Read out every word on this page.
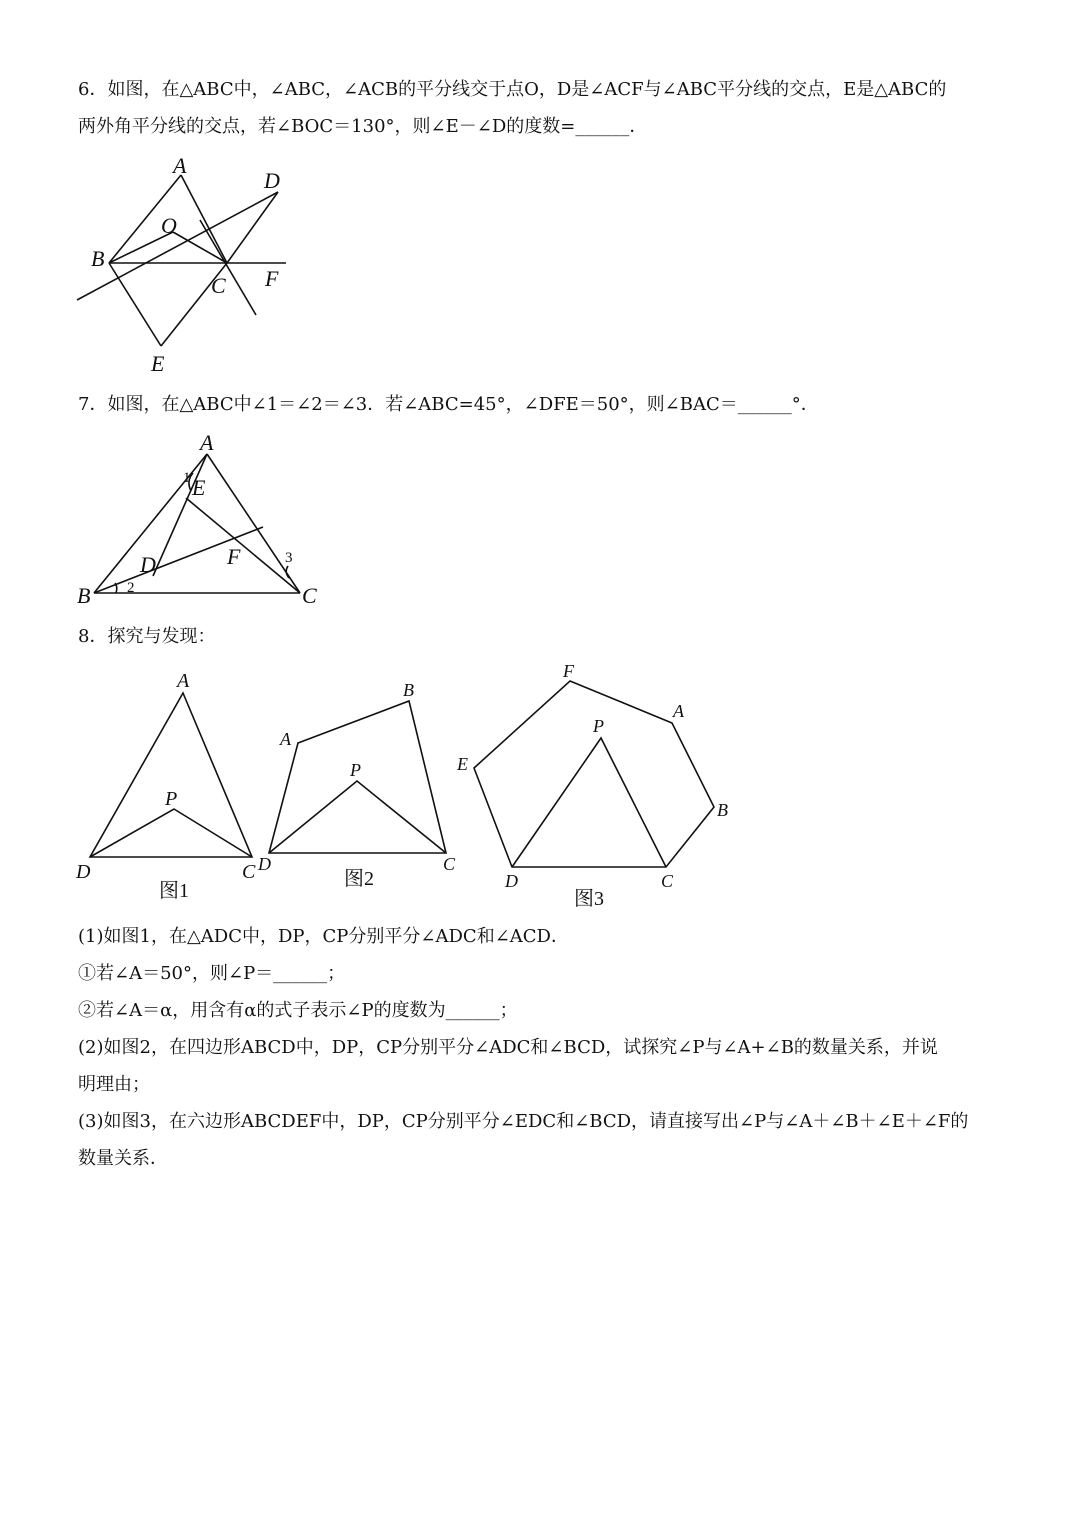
6．如图，在△ABC中，∠ABC，∠ACB的平分线交于点O，D是∠ACF与∠ABC平分线的交点，E是△ABC的
两外角平分线的交点，若∠BOC＝130°，则∠E－∠D的度数=______．
A
D
O
B
C F
E
7．如图，在△ABC中∠1＝∠2＝∠3．若∠ABC=45°，∠DFE＝50°，则∠BAC＝______°．
A
E
D	F
B	C
1
2
3
8．探究与发现：
A
P
D	C
图1
A
B
P
D	C
图2
F
A
E
P
B
D	C
图3
(1)如图1，在△ADC中，DP，CP分别平分∠ADC和∠ACD．
①若∠A＝50°，则∠P＝______；
②若∠A＝α，用含有α的式子表示∠P的度数为______；
(2)如图2，在四边形ABCD中，DP，CP分别平分∠ADC和∠BCD，试探究∠P与∠A+∠B的数量关系，并说
明理由；
(3)如图3，在六边形ABCDEF中，DP，CP分别平分∠EDC和∠BCD，请直接写出∠P与∠A＋∠B＋∠E＋∠F的
数量关系．
